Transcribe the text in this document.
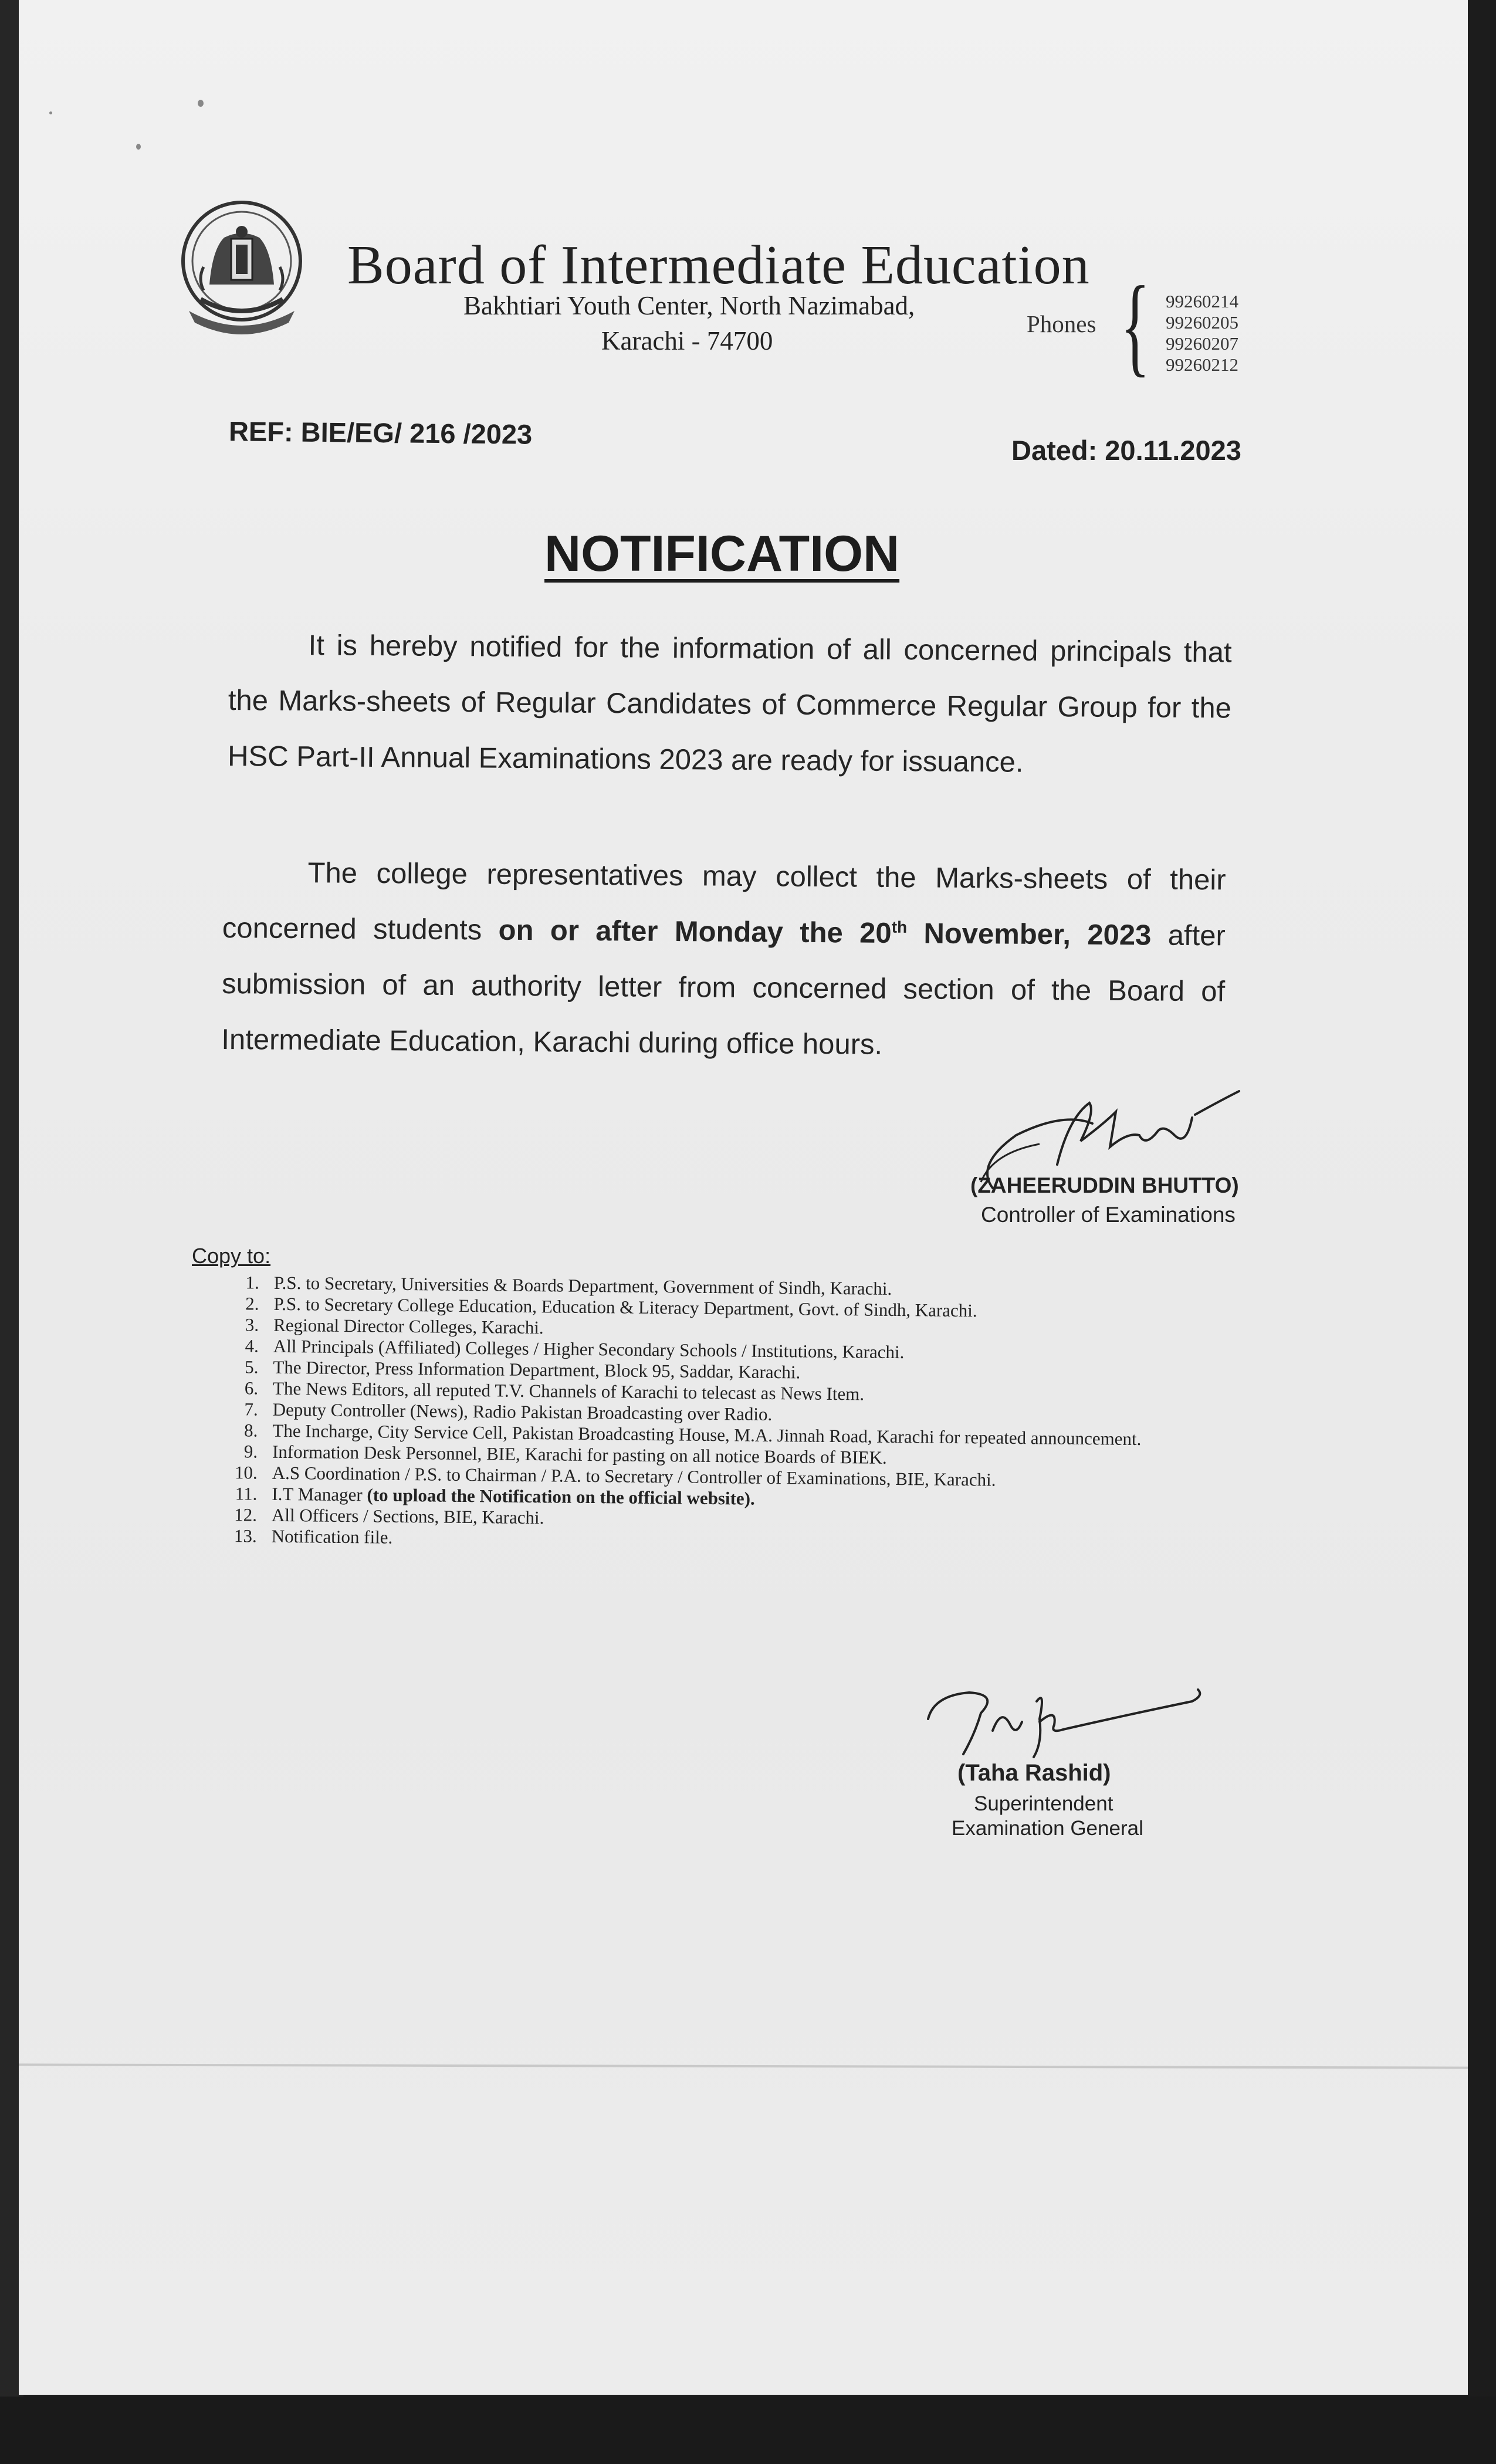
Board of Intermediate Education
Bakhtiari Youth Center, North Nazimabad,
Karachi - 74700
Phones { 99260214
99260205
99260207
99260212
REF: BIE/EG/ 216 /2023
Dated: 20.11.2023
NOTIFICATION
It is hereby notified for the information of all concerned principals that the Marks-sheets of Regular Candidates of Commerce Regular Group for the HSC Part-II Annual Examinations 2023 are ready for issuance.
The college representatives may collect the Marks-sheets of their concerned students on or after Monday the 20th November, 2023 after submission of an authority letter from concerned section of the Board of Intermediate Education, Karachi during office hours.
(ZAHEERUDDIN BHUTTO)
Controller of Examinations
Copy to:
1. P.S. to Secretary, Universities & Boards Department, Government of Sindh, Karachi.
2. P.S. to Secretary College Education, Education & Literacy Department, Govt. of Sindh, Karachi.
3. Regional Director Colleges, Karachi.
4. All Principals (Affiliated) Colleges / Higher Secondary Schools / Institutions, Karachi.
5. The Director, Press Information Department, Block 95, Saddar, Karachi.
6. The News Editors, all reputed T.V. Channels of Karachi to telecast as News Item.
7. Deputy Controller (News), Radio Pakistan Broadcasting over Radio.
8. The Incharge, City Service Cell, Pakistan Broadcasting House, M.A. Jinnah Road, Karachi for repeated announcement.
9. Information Desk Personnel, BIE, Karachi for pasting on all notice Boards of BIEK.
10. A.S Coordination / P.S. to Chairman / P.A. to Secretary / Controller of Examinations, BIE, Karachi.
11. I.T Manager (to upload the Notification on the official website).
12. All Officers / Sections, BIE, Karachi.
13. Notification file.
(Taha Rashid)
Superintendent
Examination General
